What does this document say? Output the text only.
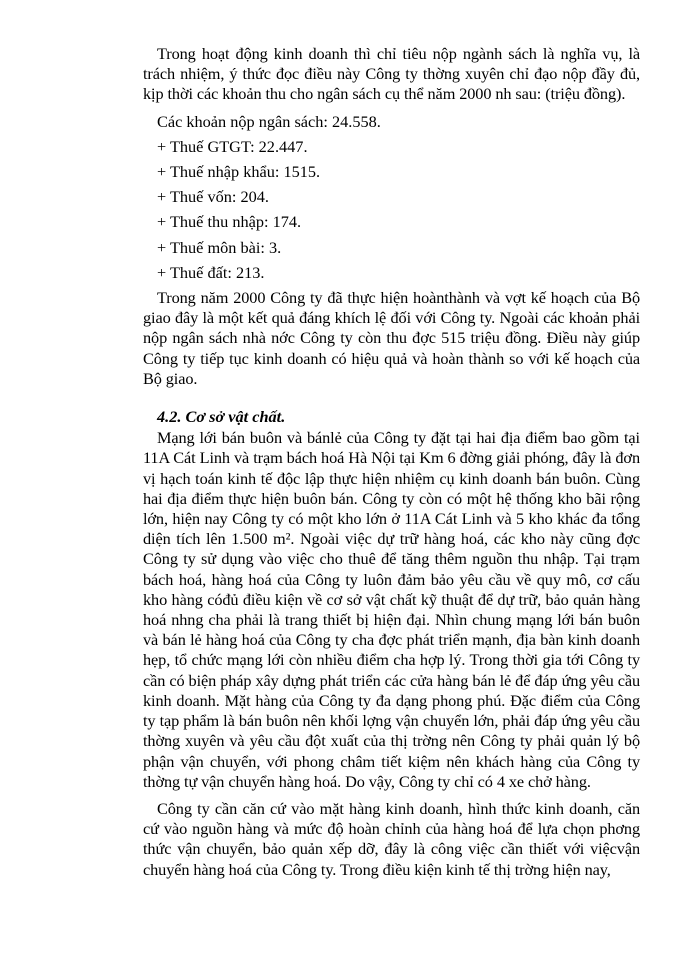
Trong hoạt động kinh doanh thì chỉ tiêu nộp ngành sách là nghĩa vụ, là trách nhiệm, ý thức đọc điều này Công ty thờng xuyên chỉ đạo nộp đầy đủ, kịp thời các khoản thu cho ngân sách cụ thể năm 2000 nh sau: (triệu đồng).

Các khoản nộp ngân sách: 24.558.

+ Thuế GTGT: 22.447.

+ Thuế nhập khẩu: 1515.

+ Thuế vốn: 204.

+ Thuế thu nhập: 174.

+ Thuế môn bài: 3.

+ Thuế đất: 213.

Trong năm 2000 Công ty đã thực hiện hoànthành và vợt kế hoạch của Bộ giao đây là một kết quả đáng khích lệ đối với Công ty. Ngoài các khoản phải nộp ngân sách nhà nớc Công ty còn thu đợc 515 triệu đồng. Điều này giúp Công ty tiếp tục kinh doanh có hiệu quả và hoàn thành so với kế hoạch của Bộ giao.

4.2. Cơ sở vật chất.

Mạng lới bán buôn và bánlẻ của Công ty đặt tại hai địa điểm bao gồm tại 11A Cát Linh và trạm bách hoá Hà Nội tại Km 6 đờng giải phóng, đây là đơn vị hạch toán kinh tế độc lập thực hiện nhiệm cụ kinh doanh bán buôn. Cùng hai địa điểm thực hiện buôn bán. Công ty còn có một hệ thống kho bãi rộng lớn, hiện nay Công ty có một kho lớn ở 11A Cát Linh và 5 kho khác đa tổng diện tích lên 1.500 m². Ngoài việc dự trữ hàng hoá, các kho này cũng đợc Công ty sử dụng vào việc cho thuê để tăng thêm nguồn thu nhập. Tại trạm bách hoá, hàng hoá của Công ty luôn đảm bảo yêu cầu về quy mô, cơ cấu kho hàng cóđủ điều kiện về cơ sở vật chất kỹ thuật để dự trữ, bảo quản hàng hoá nhng cha phải là trang thiết bị hiện đại. Nhìn chung mạng lới bán buôn và bán lẻ hàng hoá của Công ty cha đợc phát triển mạnh, địa bàn kinh doanh hẹp, tổ chức mạng lới còn nhiều điểm cha hợp lý. Trong thời gia tới Công ty cần có biện pháp xây dựng phát triển các cửa hàng bán lẻ để đáp ứng yêu cầu kinh doanh. Mặt hàng của Công ty đa dạng phong phú. Đặc điểm của Công ty tạp phẩm là bán buôn nên khối lợng vận chuyển lớn, phải đáp ứng yêu cầu thờng xuyên và yêu cầu đột xuất của thị trờng nên Công ty phải quản lý bộ phận vận chuyển, với phong châm tiết kiệm nên khách hàng của Công ty thờng tự vận chuyển hàng hoá. Do vậy, Công ty chỉ có 4 xe chở hàng.

Công ty cần căn cứ vào mặt hàng kinh doanh, hình thức kinh doanh, căn cứ vào nguồn hàng và mức độ hoàn chỉnh của hàng hoá để lựa chọn phơng thức vận chuyển, bảo quản xếp dỡ, đây là công việc cần thiết với việcvận chuyển hàng hoá của Công ty. Trong điều kiện kinh tế thị trờng hiện nay,
